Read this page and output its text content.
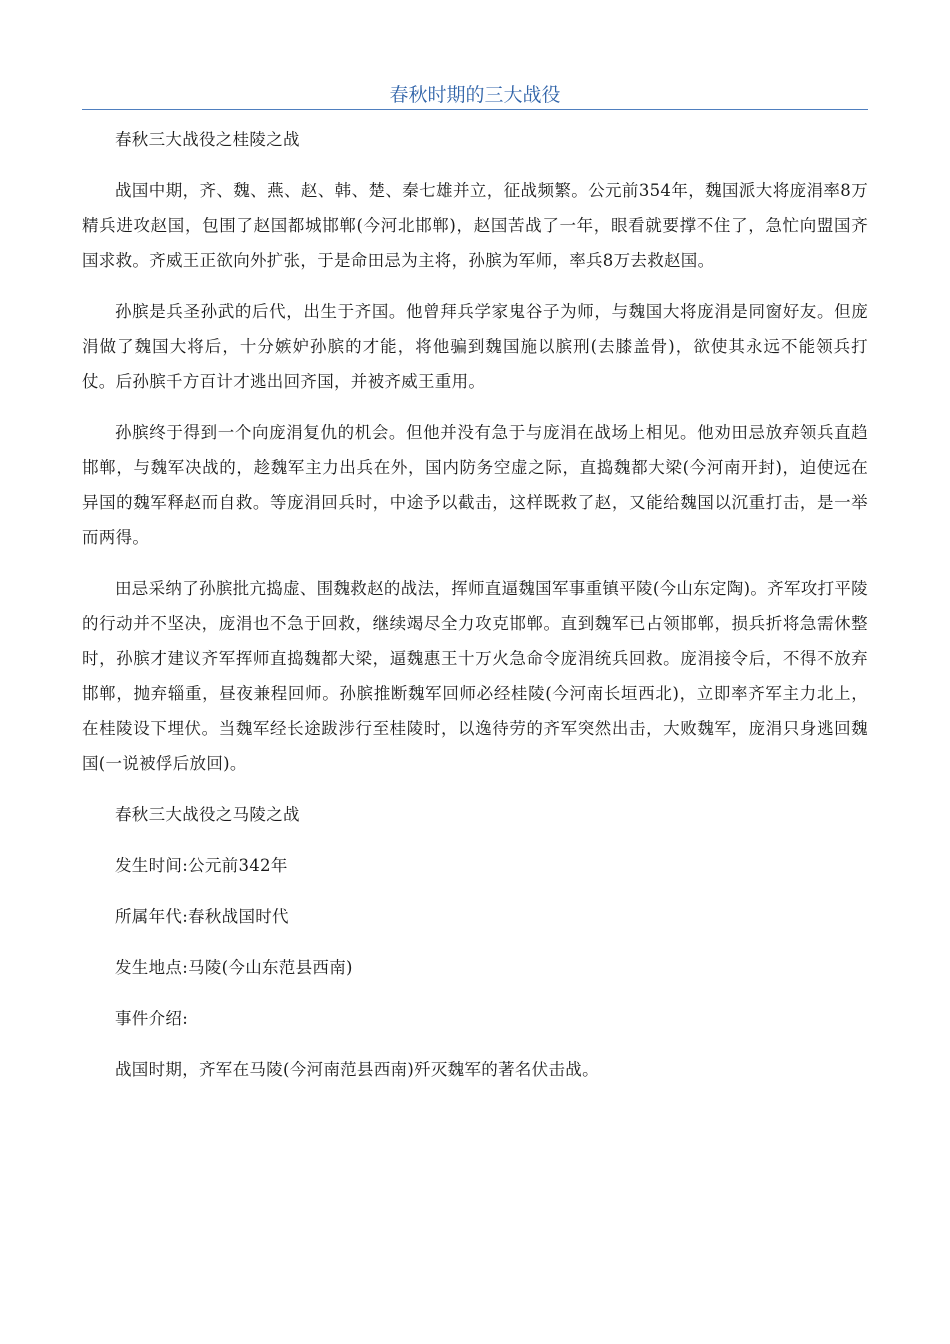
春秋时期的三大战役

春秋三大战役之桂陵之战

战国中期，齐、魏、燕、赵、韩、楚、秦七雄并立，征战频繁。公元前354年，魏国派大将庞涓率8万精兵进攻赵国，包围了赵国都城邯郸(今河北邯郸)，赵国苦战了一年，眼看就要撑不住了，急忙向盟国齐国求救。齐威王正欲向外扩张，于是命田忌为主将，孙膑为军师，率兵8万去救赵国。

孙膑是兵圣孙武的后代，出生于齐国。他曾拜兵学家鬼谷子为师，与魏国大将庞涓是同窗好友。但庞涓做了魏国大将后，十分嫉妒孙膑的才能，将他骗到魏国施以膑刑(去膝盖骨)，欲使其永远不能领兵打仗。后孙膑千方百计才逃出回齐国，并被齐威王重用。

孙膑终于得到一个向庞涓复仇的机会。但他并没有急于与庞涓在战场上相见。他劝田忌放弃领兵直趋邯郸，与魏军决战的，趁魏军主力出兵在外，国内防务空虚之际，直捣魏都大梁(今河南开封)，迫使远在异国的魏军释赵而自救。等庞涓回兵时，中途予以截击，这样既救了赵，又能给魏国以沉重打击，是一举而两得。

田忌采纳了孙膑批亢捣虚、围魏救赵的战法，挥师直逼魏国军事重镇平陵(今山东定陶)。齐军攻打平陵的行动并不坚决，庞涓也不急于回救，继续竭尽全力攻克邯郸。直到魏军已占领邯郸，损兵折将急需休整时，孙膑才建议齐军挥师直捣魏都大梁，逼魏惠王十万火急命令庞涓统兵回救。庞涓接令后，不得不放弃邯郸，抛弃辎重，昼夜兼程回师。孙膑推断魏军回师必经桂陵(今河南长垣西北)，立即率齐军主力北上，在桂陵设下埋伏。当魏军经长途跋涉行至桂陵时，以逸待劳的齐军突然出击，大败魏军，庞涓只身逃回魏国(一说被俘后放回)。

春秋三大战役之马陵之战

发生时间:公元前342年

所属年代:春秋战国时代

发生地点:马陵(今山东范县西南)

事件介绍:

战国时期，齐军在马陵(今河南范县西南)歼灭魏军的著名伏击战。
